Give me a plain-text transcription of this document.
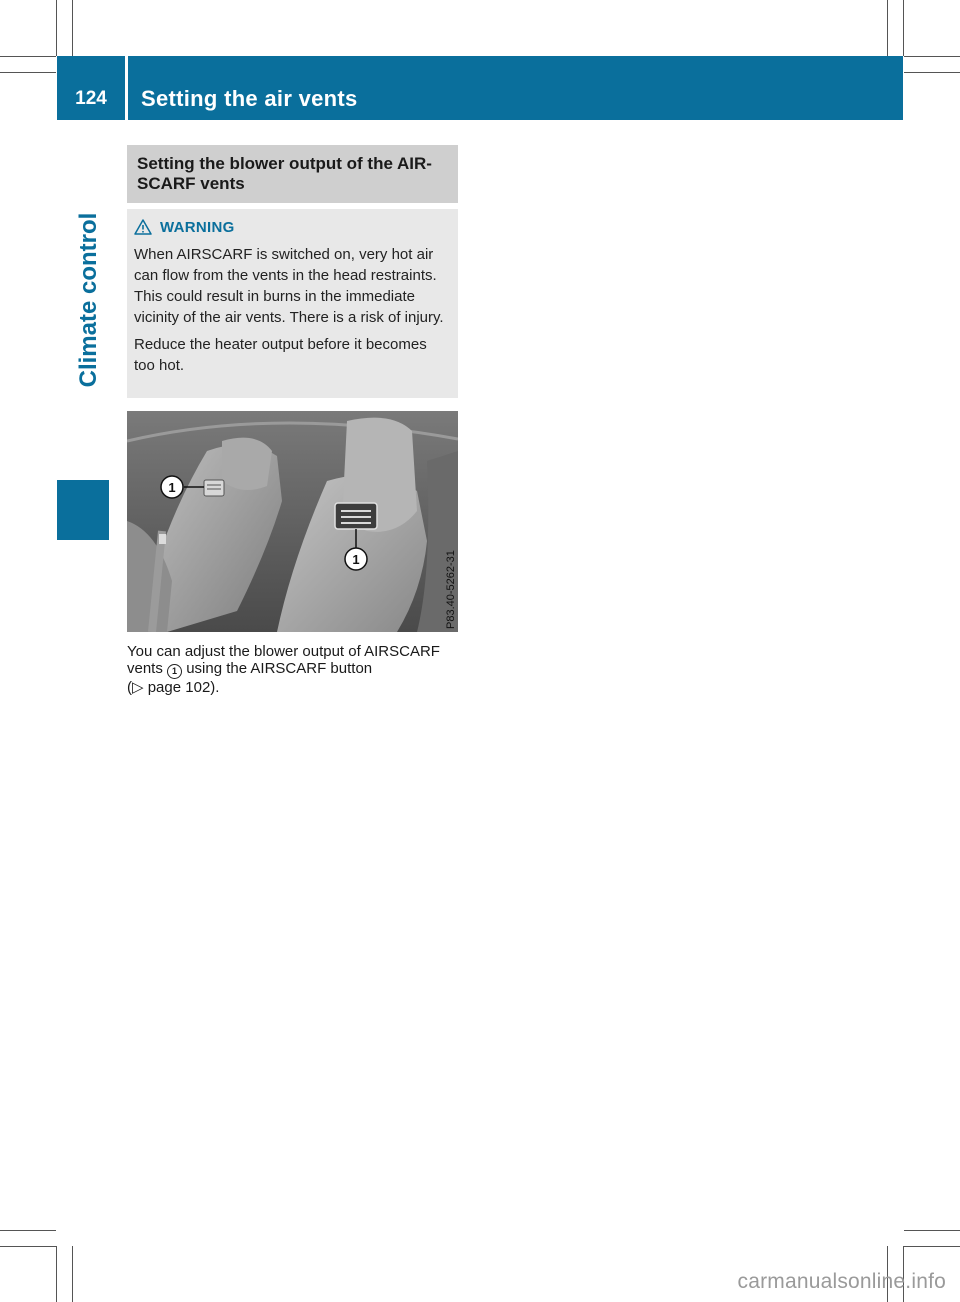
124	Setting the air vents
Climate control
Setting the blower output of the AIR-SCARF vents
WARNING

When AIRSCARF is switched on, very hot air can flow from the vents in the head restraints. This could result in burns in the immediate vicinity of the air vents. There is a risk of injury.

Reduce the heater output before it becomes too hot.

1
1	P83.40-5262-31
You can adjust the blower output of AIRSCARF vents 1 using the AIRSCARF button
(▷ page 102).
carmanualsonline.info
